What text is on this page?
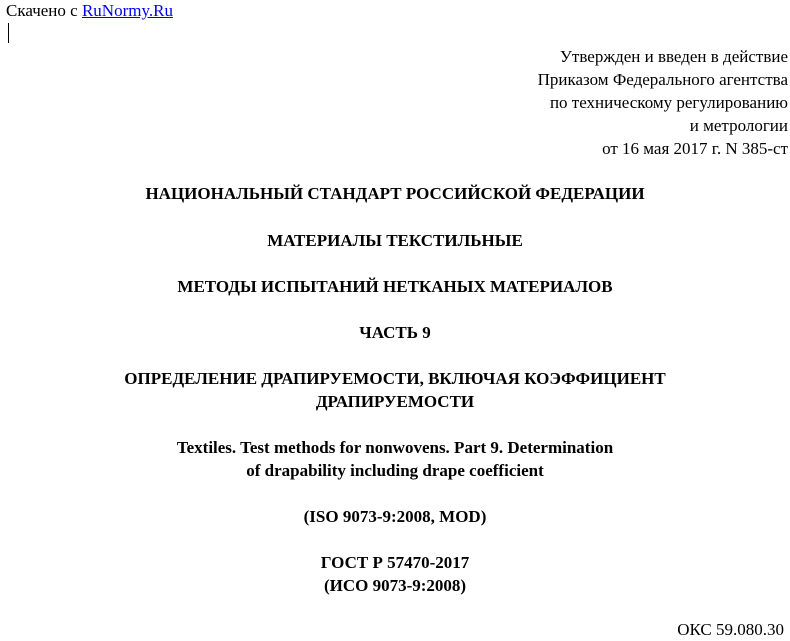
Скачено с RuNormy.Ru
Утвержден и введен в действие
Приказом Федерального агентства
по техническому регулированию
и метрологии
от 16 мая 2017 г. N 385-ст
НАЦИОНАЛЬНЫЙ СТАНДАРТ РОССИЙСКОЙ ФЕДЕРАЦИИ
МАТЕРИАЛЫ ТЕКСТИЛЬНЫЕ
МЕТОДЫ ИСПЫТАНИЙ НЕТКАНЫХ МАТЕРИАЛОВ
ЧАСТЬ 9
ОПРЕДЕЛЕНИЕ ДРАПИРУЕМОСТИ, ВКЛЮЧАЯ КОЭФФИЦИЕНТ
ДРАПИРУЕМОСТИ
Textiles. Test methods for nonwovens. Part 9. Determination
of drapability including drape coefficient
(ISO 9073-9:2008, MOD)
ГОСТ Р 57470-2017
(ИСО 9073-9:2008)
ОКС 59.080.30
